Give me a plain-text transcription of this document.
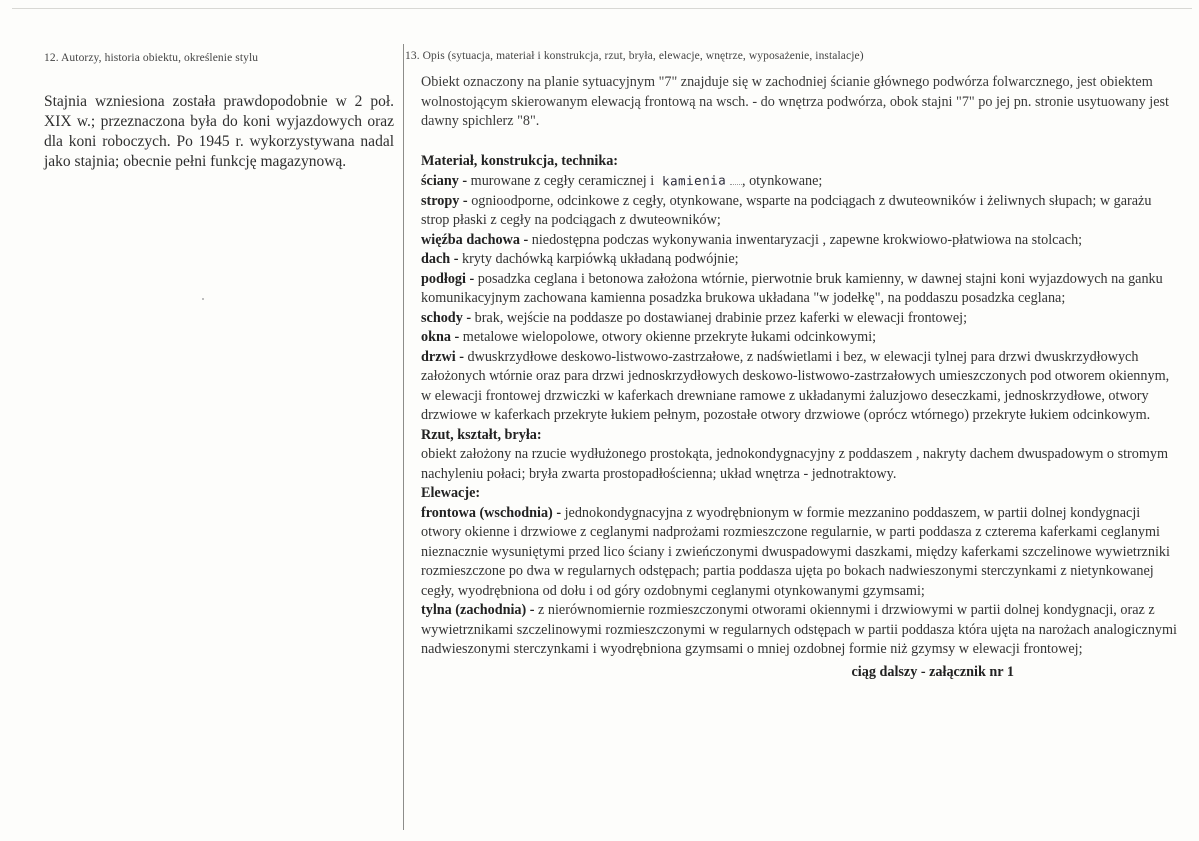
12. Autorzy, historia obiektu, określenie stylu

Stajnia wzniesiona została prawdopodobnie w 2 poł. XIX w.; przeznaczona była do koni wyjazdowych oraz dla koni roboczych. Po 1945 r. wykorzystywana nadal jako stajnia; obecnie pełni funkcję magazynową.

13. Opis (sytuacja, materiał i konstrukcja, rzut, bryła, elewacje, wnętrze, wyposażenie, instalacje)

Obiekt oznaczony na planie sytuacyjnym "7" znajduje się w zachodniej ścianie głównego podwórza folwarcznego, jest obiektem wolnostojącym skierowanym elewacją frontową na wsch. - do wnętrza podwórza, obok stajni "7" po jej pn. stronie usytuowany jest dawny spichlerz "8".

Materiał, konstrukcja, technika:

ściany - murowane z cegły ceramicznej i kamienia , otynkowane;

stropy - ognioodporne, odcinkowe z cegły, otynkowane, wsparte na podciągach z dwuteowników i żeliwnych słupach; w garażu strop płaski z cegły na podciągach z dwuteowników;

więźba dachowa - niedostępna podczas wykonywania inwentaryzacji , zapewne krokwiowo-płatwiowa na stolcach;

dach - kryty dachówką karpiówką układaną podwójnie;

podłogi - posadzka ceglana i betonowa założona wtórnie, pierwotnie bruk kamienny, w dawnej stajni koni wyjazdowych na ganku komunikacyjnym zachowana kamienna posadzka brukowa układana "w jodełkę", na poddaszu posadzka ceglana;

schody - brak, wejście na poddasze po dostawianej drabinie przez kaferki w elewacji frontowej;

okna - metalowe wielopolowe, otwory okienne przekryte łukami odcinkowymi;

drzwi - dwuskrzydłowe deskowo-listwowo-zastrzałowe, z nadświetlami i bez, w elewacji tylnej para drzwi dwuskrzydłowych założonych wtórnie oraz para drzwi jednoskrzydłowych deskowo-listwowo-zastrzałowych umieszczonych pod otworem okiennym, w elewacji frontowej drzwiczki w kaferkach drewniane ramowe z układanymi żaluzjowo deseczkami, jednoskrzydłowe, otwory drzwiowe w kaferkach przekryte łukiem pełnym, pozostałe otwory drzwiowe (oprócz wtórnego) przekryte łukiem odcinkowym.

Rzut, kształt, bryła:

obiekt założony na rzucie wydłużonego prostokąta, jednokondygnacyjny z poddaszem , nakryty dachem dwuspadowym o stromym nachyleniu połaci; bryła zwarta prostopadłościenna; układ wnętrza - jednotraktowy.

Elewacje:

frontowa (wschodnia) - jednokondygnacyjna z wyodrębnionym w formie mezzanino poddaszem, w partii dolnej kondygnacji otwory okienne i drzwiowe z ceglanymi nadprożami rozmieszczone regularnie, w parti poddasza z czterema kaferkami ceglanymi nieznacznie wysuniętymi przed lico ściany i zwieńczonymi dwuspadowymi daszkami, między kaferkami szczelinowe wywietrzniki rozmieszczone po dwa w regularnych odstępach; partia poddasza ujęta po bokach nadwieszonymi sterczynkami z nietynkowanej cegły, wyodrębniona od dołu i od góry ozdobnymi ceglanymi otynkowanymi gzymsami;

tylna (zachodnia) - z nierównomiernie rozmieszczonymi otworami okiennymi i drzwiowymi w partii dolnej kondygnacji, oraz z wywietrznikami szczelinowymi rozmieszczonymi w regularnych odstępach w partii poddasza która ujęta na narożach analogicznymi nadwieszonymi sterczynkami i wyodrębniona gzymsami o mniej ozdobnej formie niż gzymsy w elewacji frontowej;

ciąg dalszy - załącznik nr 1
